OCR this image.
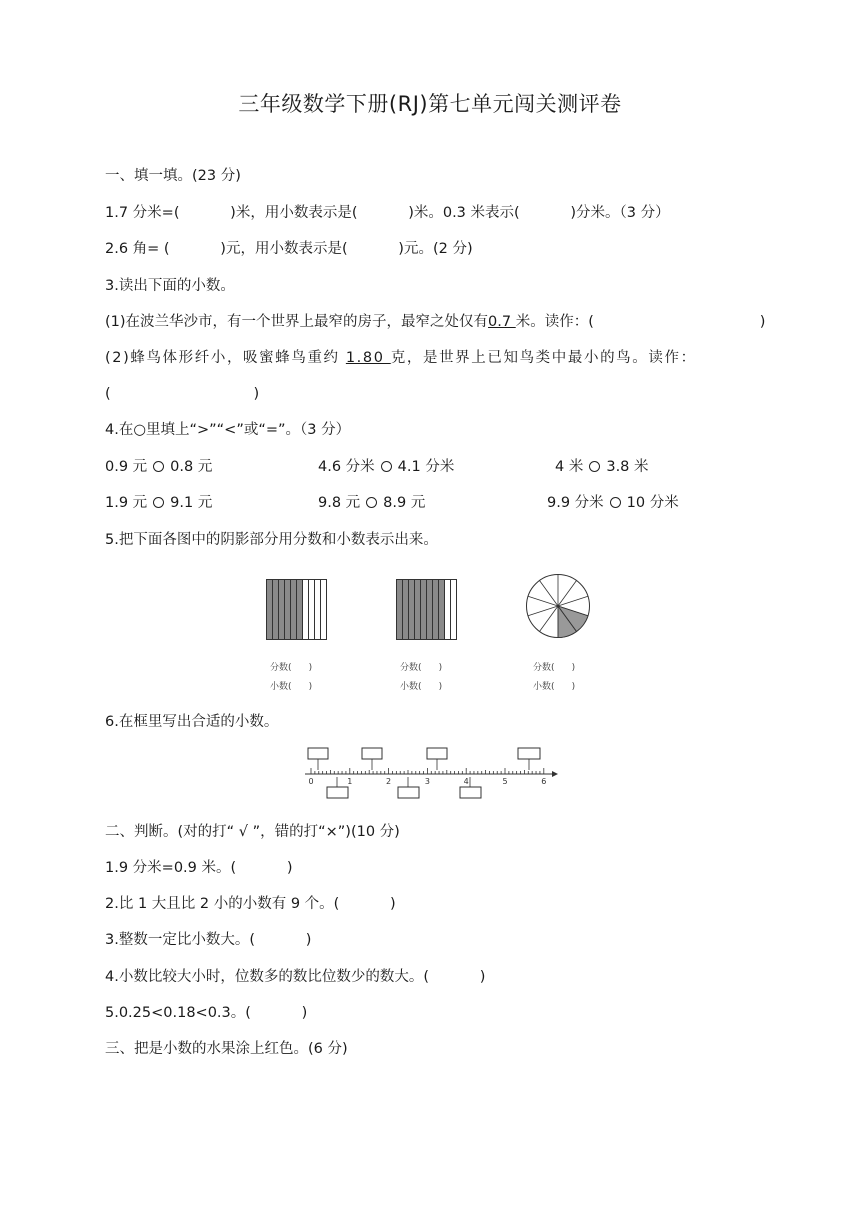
三年级数学下册(RJ)第七单元闯关测评卷
一、填一填。(23 分)
1.7 分米=(           )米，用小数表示是(           )米。0.3 米表示(           )分米。（3 分）
2.6 角= (           )元，用小数表示是(           )元。(2 分)
3.读出下面的小数。
(1)在波兰华沙市，有一个世界上最窄的房子，最窄之处仅有0.7 米。读作：(                                    )
(2)蜂鸟体形纤小，吸蜜蜂鸟重约 1.80 克，是世界上已知鸟类中最小的鸟。读作：
(                               )
4.在○里填上“>”“<”或“=”。（3 分）
0.9 元 0.8 元	4.6 分米 4.1 分米	4 米 3.8 米
1.9 元 9.1 元	9.8 元 8.9 元	9.9 分米 10 分米
5.把下面各图中的阴影部分用分数和小数表示出来。
分数(      )
小数(      )
分数(      )
小数(      )
分数(      )
小数(      )
6.在框里写出合适的小数。
0	1	2	3	4	5	6
二、判断。(对的打“ √ ”，错的打“×”)(10 分)
1.9 分米=0.9 米。(           )
2.比 1 大且比 2 小的小数有 9 个。(           )
3.整数一定比小数大。(           )
4.小数比较大小时，位数多的数比位数少的数大。(           )
5.0.25<0.18<0.3。(           )
三、把是小数的水果涂上红色。(6 分)
